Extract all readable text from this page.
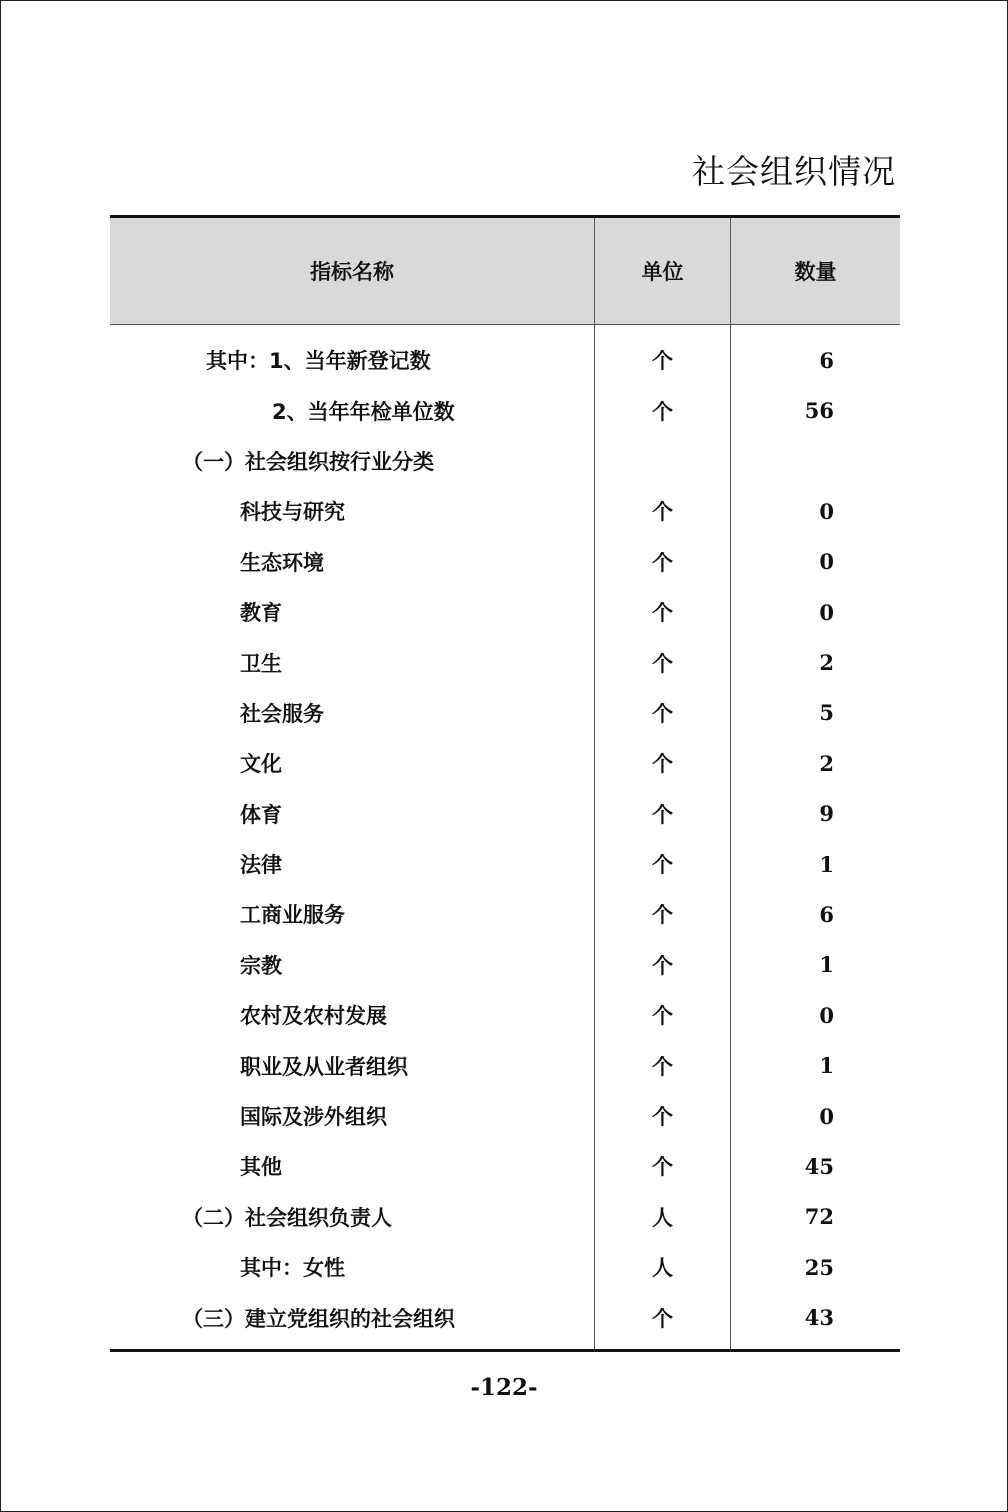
社会组织情况
指标名称	单位	数量
其中：1、当年新登记数	个	6
2、当年年检单位数	个	56
（一）社会组织按行业分类		
科技与研究	个	0
生态环境	个	0
教育	个	0
卫生	个	2
社会服务	个	5
文化	个	2
体育	个	9
法律	个	1
工商业服务	个	6
宗教	个	1
农村及农村发展	个	0
职业及从业者组织	个	1
国际及涉外组织	个	0
其他	个	45
（二）社会组织负责人	人	72
其中：女性	人	25
（三）建立党组织的社会组织	个	43
-122-
